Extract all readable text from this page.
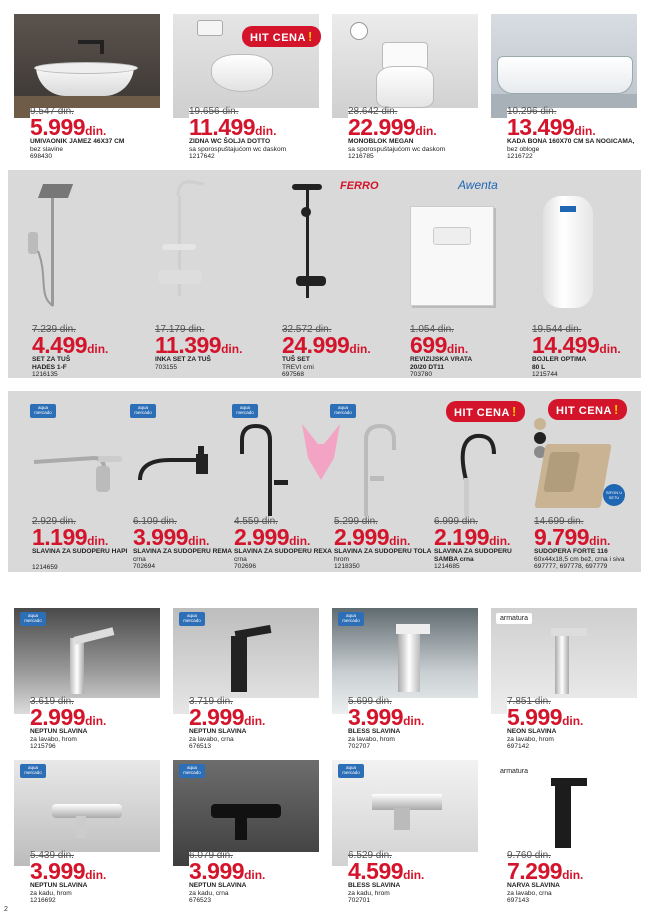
HIT CENA !
9.547 din.
5.999din.
UMIVAONIK JAMEZ 46X37 CM
bez slavine
698430
19.656 din.
11.499din.
ZIDNA WC ŠOLJA DOTTO
sa sporospuštajućom wc daskom
1217642
28.642 din.
22.999din.
MONOBLOK MEGAN
sa sporospuštajućom wc daskom
1216785
10.296 din.
13.499din.
KADA BONA 160X70 CM SA NOGICAMA,
bez obloge
1216722
FERRO	Awenta
7.239 din.
4.499din.
SET ZA TUŠ
HADES 1-F
1216135
17.179 din.
11.399din.
INKA SET ZA TUŠ
703155
32.572 din.
24.999din.
TUŠ SET
TREVI crni
697568
1.054 din.
699din.
REVIZIJSKA VRATA
20/20 DT11
703780
19.544 din.
14.499din.
BOJLER OPTIMA
80 L
1215744
aqua mercado
aqua mercado
aqua mercado
aqua mercado	HIT CENA !	HIT CENA !
SIFON U SETU
2.929 din.
1.199din.
SLAVINA ZA SUDOPERU HAPI
1214659
6.109 din.
3.999din.
SLAVINA ZA SUDOPERU REMA
crna
702694
4.559 din.
2.999din.
SLAVINA ZA SUDOPERU REXA
crna
702696
5.299 din.
2.999din.
SLAVINA ZA SUDOPERU TOLA
hrom
1218350
6.999 din.
2.199din.
SLAVINA ZA SUDOPERU
SAMBA crna
1214685
14.699 din.
9.799din.
SUDOPERA FORTE 116
60x44x18,5 cm bež, crna i siva
697777, 697778, 697779
aqua mercado
aqua mercado
aqua mercado	armatura
3.619 din.
2.999din.
NEPTUN SLAVINA
za lavabo, hrom
1215796
3.719 din.
2.999din.
NEPTUN SLAVINA
za lavabo, crna
676513
5.699 din.
3.999din.
BLESS SLAVINA
za lavabo, hrom
702707
7.851 din.
5.999din.
NEON SLAVINA
za lavabo, hrom
697142
aqua mercado
aqua mercado
aqua mercado	armatura
5.439 din.
3.999din.
NEPTUN SLAVINA
za kadu, hrom
1216692
6.079 din.
3.999din.
NEPTUN SLAVINA
za kadu, crna
676523
6.529 din.
4.599din.
BLESS SLAVINA
za kadu, hrom
702701
9.760 din.
7.299din.
NARVA SLAVINA
za lavabo, crna
697143
2
